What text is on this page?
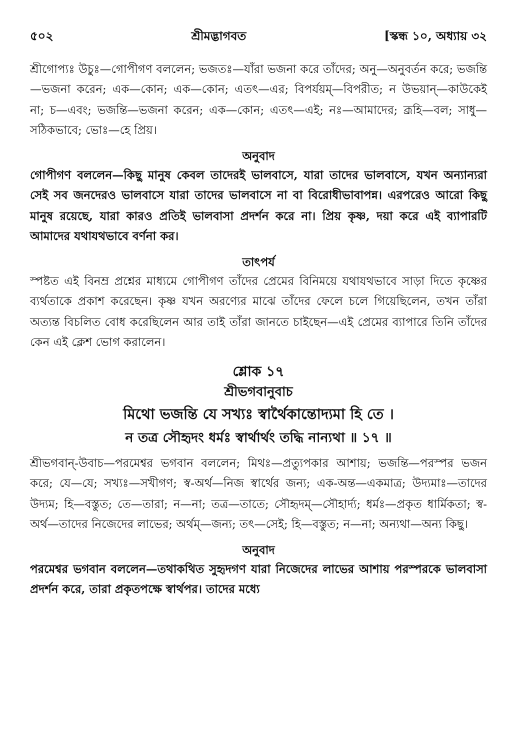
৫০২	শ্রীমদ্ভাগবত	[স্কন্ধ ১০, অধ্যায় ৩২

শ্রীগোপ্যঃ উচুঃ—গোপীগণ বললেন; ভজতঃ—যাঁরা ভজনা করে তাঁদের; অনু—অনুবর্তন করে; ভজন্তি—ভজনা করেন; এক—কোন; এক—কোন; এতৎ—এর; বিপর্যয়ম্—বিপরীত; ন উভয়ান্—কাউকেই না; চ—এবং; ভজন্তি—ভজনা করেন; এক—কোন; এতৎ—এই; নঃ—আমাদের; ব্রূহি—বল; সাধু—সঠিকভাবে; ভোঃ—হে প্রিয়।

অনুবাদ

গোপীগণ বললেন—কিছু মানুষ কেবল তাদেরই ভালবাসে, যারা তাদের ভালবাসে, যখন অন্যান্যরা সেই সব জনদেরও ভালবাসে যারা তাদের ভালবাসে না বা বিরোধীভাবাপন্ন। এরপরেও আরো কিছু মানুষ রয়েছে, যারা কারও প্রতিই ভালবাসা প্রদর্শন করে না। প্রিয় কৃষ্ণ, দয়া করে এই ব্যাপারটি আমাদের যথাযথভাবে বর্ণনা কর।

তাৎপর্য

স্পষ্টত এই বিনম্র প্রশ্নের মাধ্যমে গোপীগণ তাঁদের প্রেমের বিনিময়ে যথাযথভাবে সাড়া দিতে কৃষ্ণের ব্যর্থতাকে প্রকাশ করেছেন। কৃষ্ণ যখন অরণ্যের মাঝে তাঁদের ফেলে চলে গিয়েছিলেন, তখন তাঁরা অত্যন্ত বিচলিত বোধ করেছিলেন আর তাই তাঁরা জানতে চাইছেন—এই প্রেমের ব্যাপারে তিনি তাঁদের কেন এই ক্লেশ ভোগ করালেন।

শ্লোক ১৭
শ্রীভগবানুবাচ
মিথো ভজন্তি যে সখ্যঃ স্বার্থৈকান্তোদ্যমা হি তে ।
ন তত্র সৌহৃদং ধর্মঃ স্বার্থার্থং তদ্ধি নান্যথা ॥ ১৭ ॥

শ্রীভগবান্-উবাচ—পরমেশ্বর ভগবান বললেন; মিথঃ—প্রত্যুপকার আশায়; ভজন্তি—পরস্পর ভজন করে; যে—যে; সখ্যঃ—সখীগণ; স্ব-অর্থ—নিজ স্বার্থের জন্য; এক-অন্ত—একমাত্র; উদ্যমাঃ—তাদের উদ্যম; হি—বস্তুত; তে—তারা; ন—না; তত্র—তাতে; সৌহৃদম্—সৌহার্দ্য; ধর্মঃ—প্রকৃত ধার্মিকতা; স্ব-অর্থ—তাদের নিজেদের লাভের; অর্থম্—জন্য; তৎ—সেই; হি—বস্তুত; ন—না; অন্যথা—অন্য কিছু।

অনুবাদ

পরমেশ্বর ভগবান বললেন—তথাকথিত সুহৃদগণ যারা নিজেদের লাভের আশায় পরস্পরকে ভালবাসা প্রদর্শন করে, তারা প্রকৃতপক্ষে স্বার্থপর। তাদের মধ্যে
